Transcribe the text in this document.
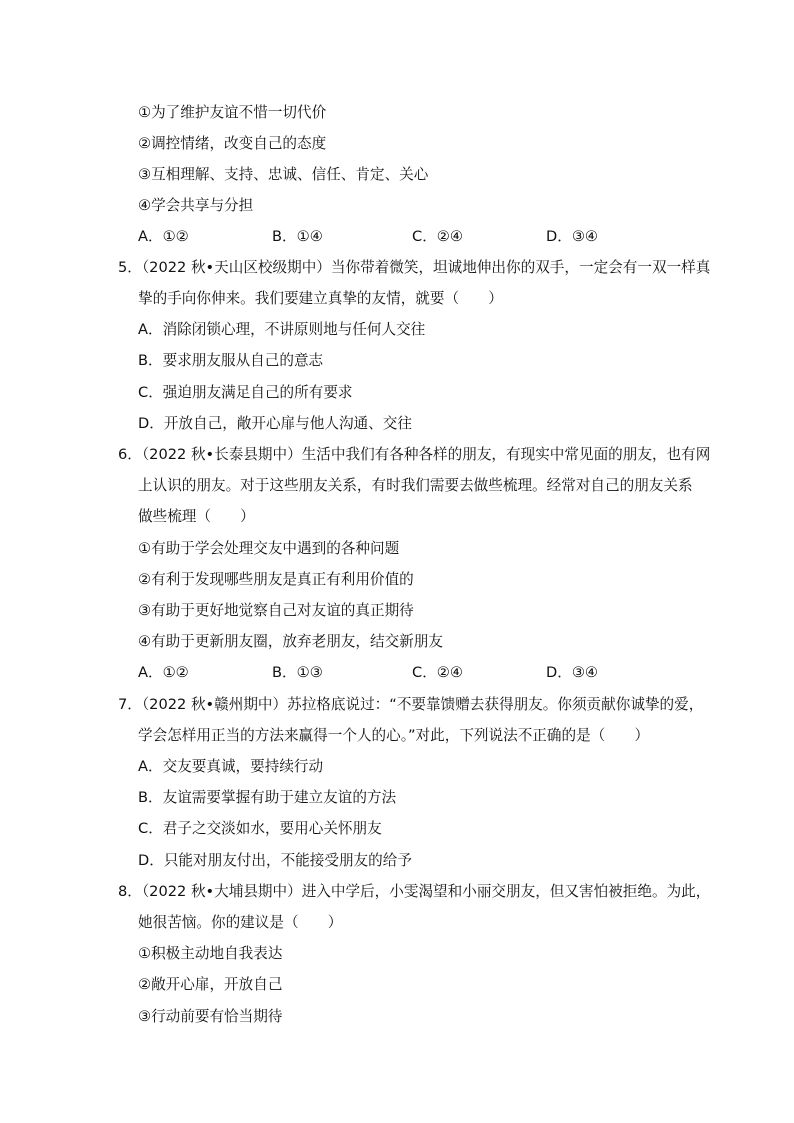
①为了维护友谊不惜一切代价
②调控情绪，改变自己的态度
③互相理解、支持、忠诚、信任、肯定、关心
④学会共享与分担
A．①②	B．①④	C．②④	D．③④
5．（2022 秋•天山区校级期中）当你带着微笑，坦诚地伸出你的双手，一定会有一双一样真
挚的手向你伸来。我们要建立真挚的友情，就要（　　）
A．消除闭锁心理，不讲原则地与任何人交往
B．要求朋友服从自己的意志
C．强迫朋友满足自己的所有要求
D．开放自己，敞开心扉与他人沟通、交往
6．（2022 秋•长泰县期中）生活中我们有各种各样的朋友，有现实中常见面的朋友，也有网
上认识的朋友。对于这些朋友关系，有时我们需要去做些梳理。经常对自己的朋友关系
做些梳理（　　）
①有助于学会处理交友中遇到的各种问题
②有利于发现哪些朋友是真正有利用价值的
③有助于更好地觉察自己对友谊的真正期待
④有助于更新朋友圈，放弃老朋友，结交新朋友
A．①②	B．①③	C．②④	D．③④
7．（2022 秋•赣州期中）苏拉格底说过：“不要靠馈赠去获得朋友。你须贡献你诚挚的爱，
学会怎样用正当的方法来赢得一个人的心。”对此，下列说法不正确的是（　　）
A．交友要真诚，要持续行动
B．友谊需要掌握有助于建立友谊的方法
C．君子之交淡如水，要用心关怀朋友
D．只能对朋友付出，不能接受朋友的给予
8．（2022 秋•大埔县期中）进入中学后，小雯渴望和小丽交朋友，但又害怕被拒绝。为此，
她很苦恼。你的建议是（　　）
①积极主动地自我表达
②敞开心扉，开放自己
③行动前要有恰当期待
